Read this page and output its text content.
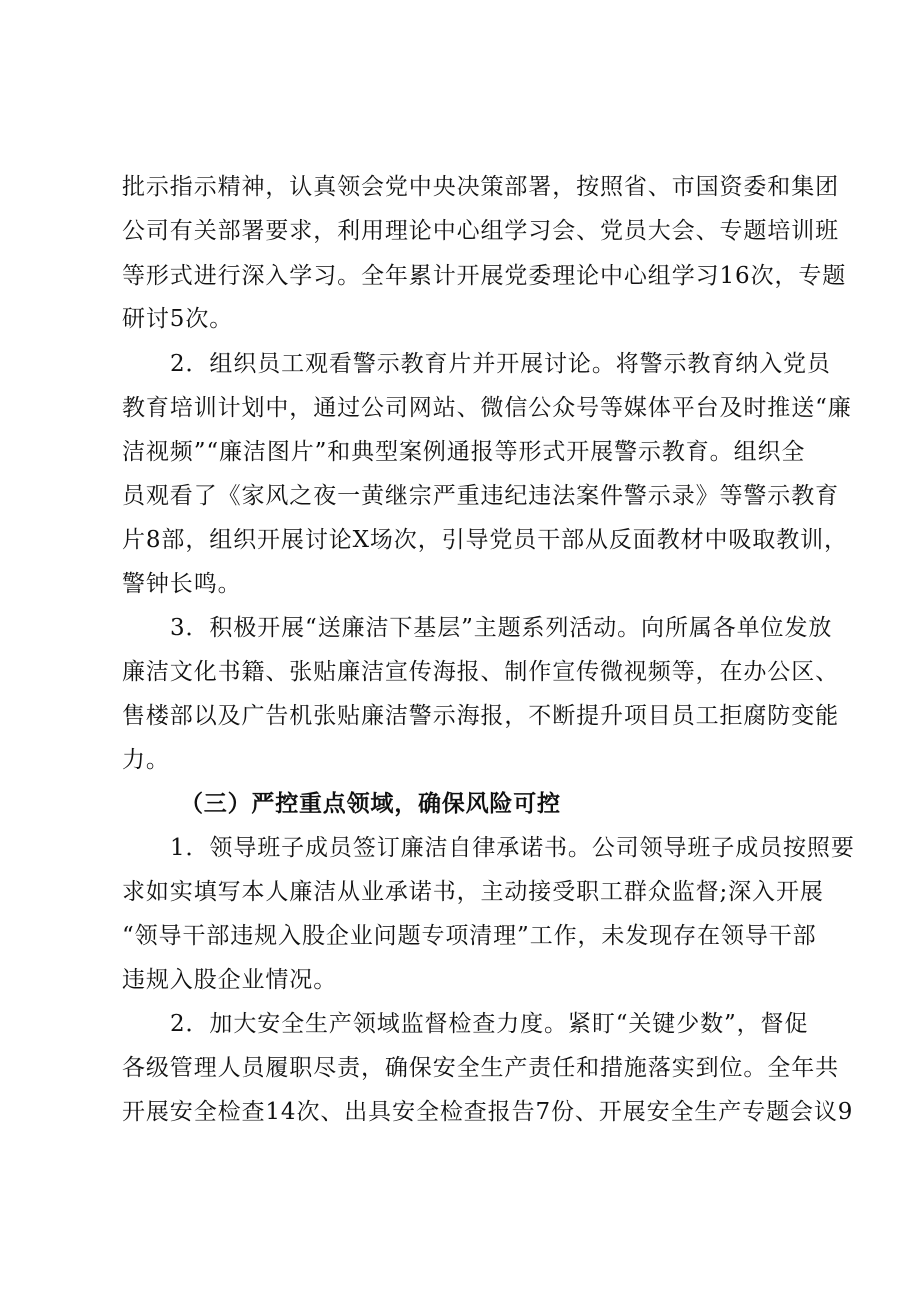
批示指示精神，认真领会党中央决策部署，按照省、市国资委和集团
公司有关部署要求，利用理论中心组学习会、党员大会、专题培训班
等形式进行深入学习。全年累计开展党委理论中心组学习16次，专题
研讨5次。
2．组织员工观看警示教育片并开展讨论。将警示教育纳入党员
教育培训计划中，通过公司网站、微信公众号等媒体平台及时推送“廉
洁视频”“廉洁图片”和典型案例通报等形式开展警示教育。组织全
员观看了《家风之夜一黄继宗严重违纪违法案件警示录》等警示教育
片8部，组织开展讨论X场次，引导党员干部从反面教材中吸取教训，
警钟长鸣。
3．积极开展“送廉洁下基层”主题系列活动。向所属各单位发放
廉洁文化书籍、张贴廉洁宣传海报、制作宣传微视频等，在办公区、
售楼部以及广告机张贴廉洁警示海报，不断提升项目员工拒腐防变能
力。
（三）严控重点领域，确保风险可控
1．领导班子成员签订廉洁自律承诺书。公司领导班子成员按照要
求如实填写本人廉洁从业承诺书，主动接受职工群众监督;深入开展
“领导干部违规入股企业问题专项清理”工作，未发现存在领导干部
违规入股企业情况。
2．加大安全生产领域监督检查力度。紧盯“关键少数”，督促
各级管理人员履职尽责，确保安全生产责任和措施落实到位。全年共
开展安全检查14次、出具安全检查报告7份、开展安全生产专题会议9
